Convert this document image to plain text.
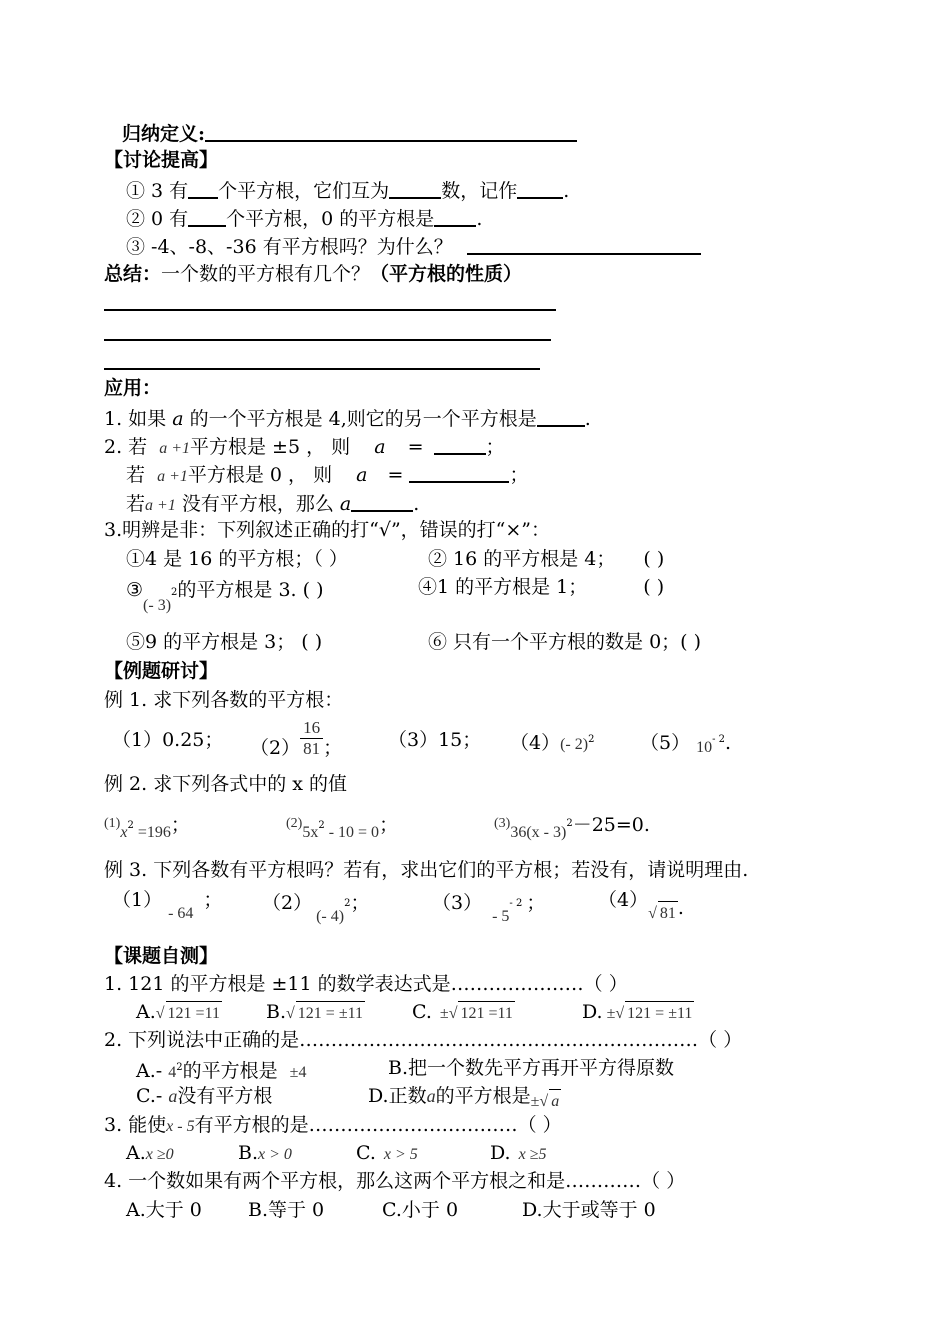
归纳定义:
【讨论提高】
① 3 有 个平方根，它们互为	数，记作 .
② 0 有 个平方根，0 的平方根是 .
③ -4、-8、-36 有平方根吗？为什么？
总结：一个数的平方根有几个？（平方根的性质）
应用：
1. 如果 a 的一个平方根是 4,则它的另一个平方根是	.
2. 若 a +1平方根是 ±5 ， 则 a =	；
若 a +1平方根是 0 ， 则 a =	；
若a +1 没有平方根，那么 a	.
3.明辨是非：下列叙述正确的打“√”，错误的打“×”：
①4 是 16 的平方根；（ ）	② 16 的平方根是 4； ( )
$③_{(- 3)}^2$的平方根是 3. ( )	④1 的平方根是 1；	( )
⑤9 的平方根是 3； ( )	⑥ 只有一个平方根的数是 0；( )
【例题研讨】
例 1. 求下列各数的平方根：
（1）0.25； $(2) \frac{16}{81}$ ； （3）15； （4）(- 2)$^2$ （5） $10^{- 2}$.
例 2. 求下列各式中的 x 的值
$(1)_x^2$ $_{=196}$；	$(2)_{5x}^2$ $_{- 10 = 0}$；	$(3)_{36(x - 3)}^2-25=0$.
例 3. 下列各数有平方根吗？若有，求出它们的平方根；若没有，请说明理由.
$(1)_{- 64}$； $(2)_{(- 4)}^2$；	$(3)_{- 5}^{- 2}$ ；	$(4)_{√ 81}$ .
【课题自测】
1. 121 的平方根是 ±11 的数学表达式是…………………（ ）
A.√ 121 =11 B.√ 121 = ±11	C. ±√ 121 =11	D. ±√ 121 = ±11
2. 下列说法中正确的是………………………………………………………（ ）
A.- $4^2$的平方根是 ±4	B.把一个数先平方再开平方得原数
C.- a没有平方根	D.正数a的平方根是$_{\pm√ a}$
3. 能使x - 5有平方根的是……………………………（ ）
A.x ≥0	B.x > 0	C. x > 5	D. x ≥5
4. 一个数如果有两个平方根，那么这两个平方根之和是…………（ ）
A.大于 0 B.等于 0	C.小于 0	D.大于或等于 0
